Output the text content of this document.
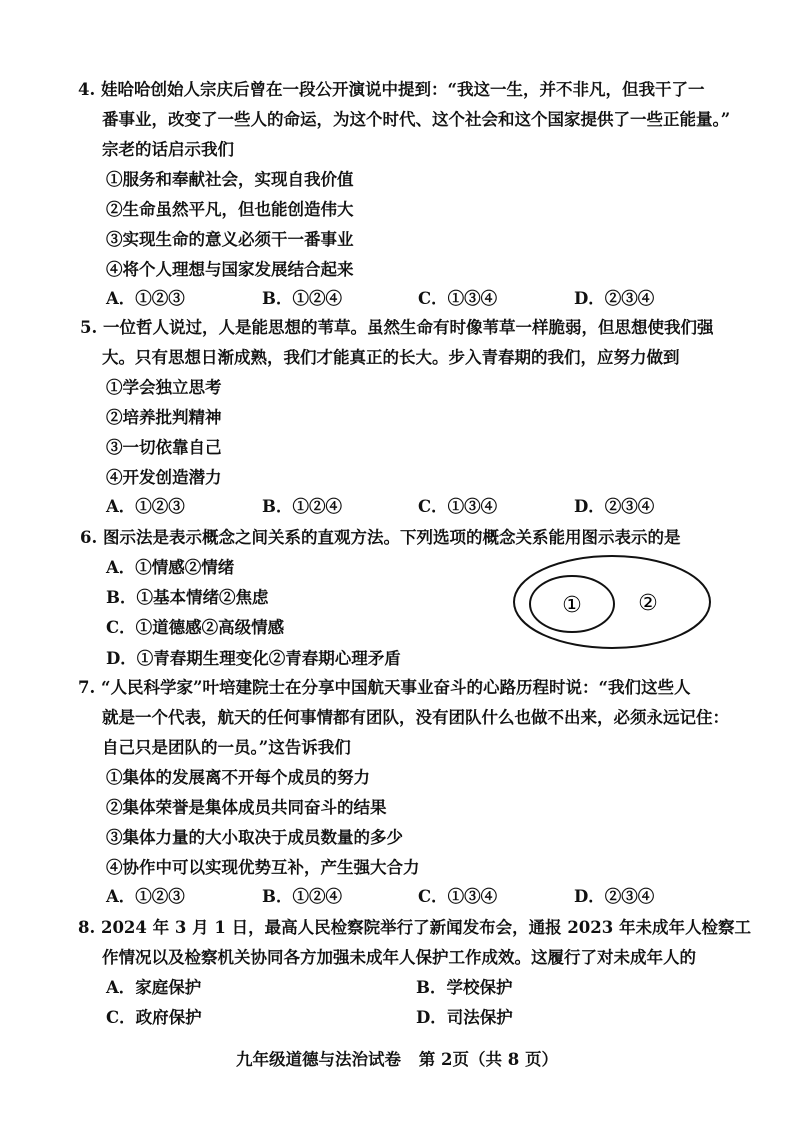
4. 娃哈哈创始人宗庆后曾在一段公开演说中提到：“我这一生，并不非凡，但我干了一
番事业，改变了一些人的命运，为这个时代、这个社会和这个国家提供了一些正能量。”
宗老的话启示我们
①服务和奉献社会，实现自我价值
②生命虽然平凡，但也能创造伟大
③实现生命的意义必须干一番事业
④将个人理想与国家发展结合起来
A．①②③	B．①②④	C．①③④	D．②③④
5. 一位哲人说过，人是能思想的苇草。虽然生命有时像苇草一样脆弱，但思想使我们强
大。只有思想日渐成熟，我们才能真正的长大。步入青春期的我们，应努力做到
①学会独立思考
②培养批判精神
③一切依靠自己
④开发创造潜力
A．①②③	B．①②④	C．①③④	D．②③④
6. 图示法是表示概念之间关系的直观方法。下列选项的概念关系能用图示表示的是
A．①情感②情绪
B．①基本情绪②焦虑
C．①道德感②高级情感
D．①青春期生理变化②青春期心理矛盾
①	②
7. “人民科学家”叶培建院士在分享中国航天事业奋斗的心路历程时说：“我们这些人
就是一个代表，航天的任何事情都有团队，没有团队什么也做不出来，必须永远记住：
自己只是团队的一员。”这告诉我们
①集体的发展离不开每个成员的努力
②集体荣誉是集体成员共同奋斗的结果
③集体力量的大小取决于成员数量的多少
④协作中可以实现优势互补，产生强大合力
A．①②③	B．①②④	C．①③④	D．②③④
8. 2024 年 3 月 1 日，最高人民检察院举行了新闻发布会，通报 2023 年未成年人检察工
作情况以及检察机关协同各方加强未成年人保护工作成效。这履行了对未成年人的
A．家庭保护	B．学校保护
C．政府保护	D．司法保护
九年级道德与法治试卷 第 2页（共 8 页）
